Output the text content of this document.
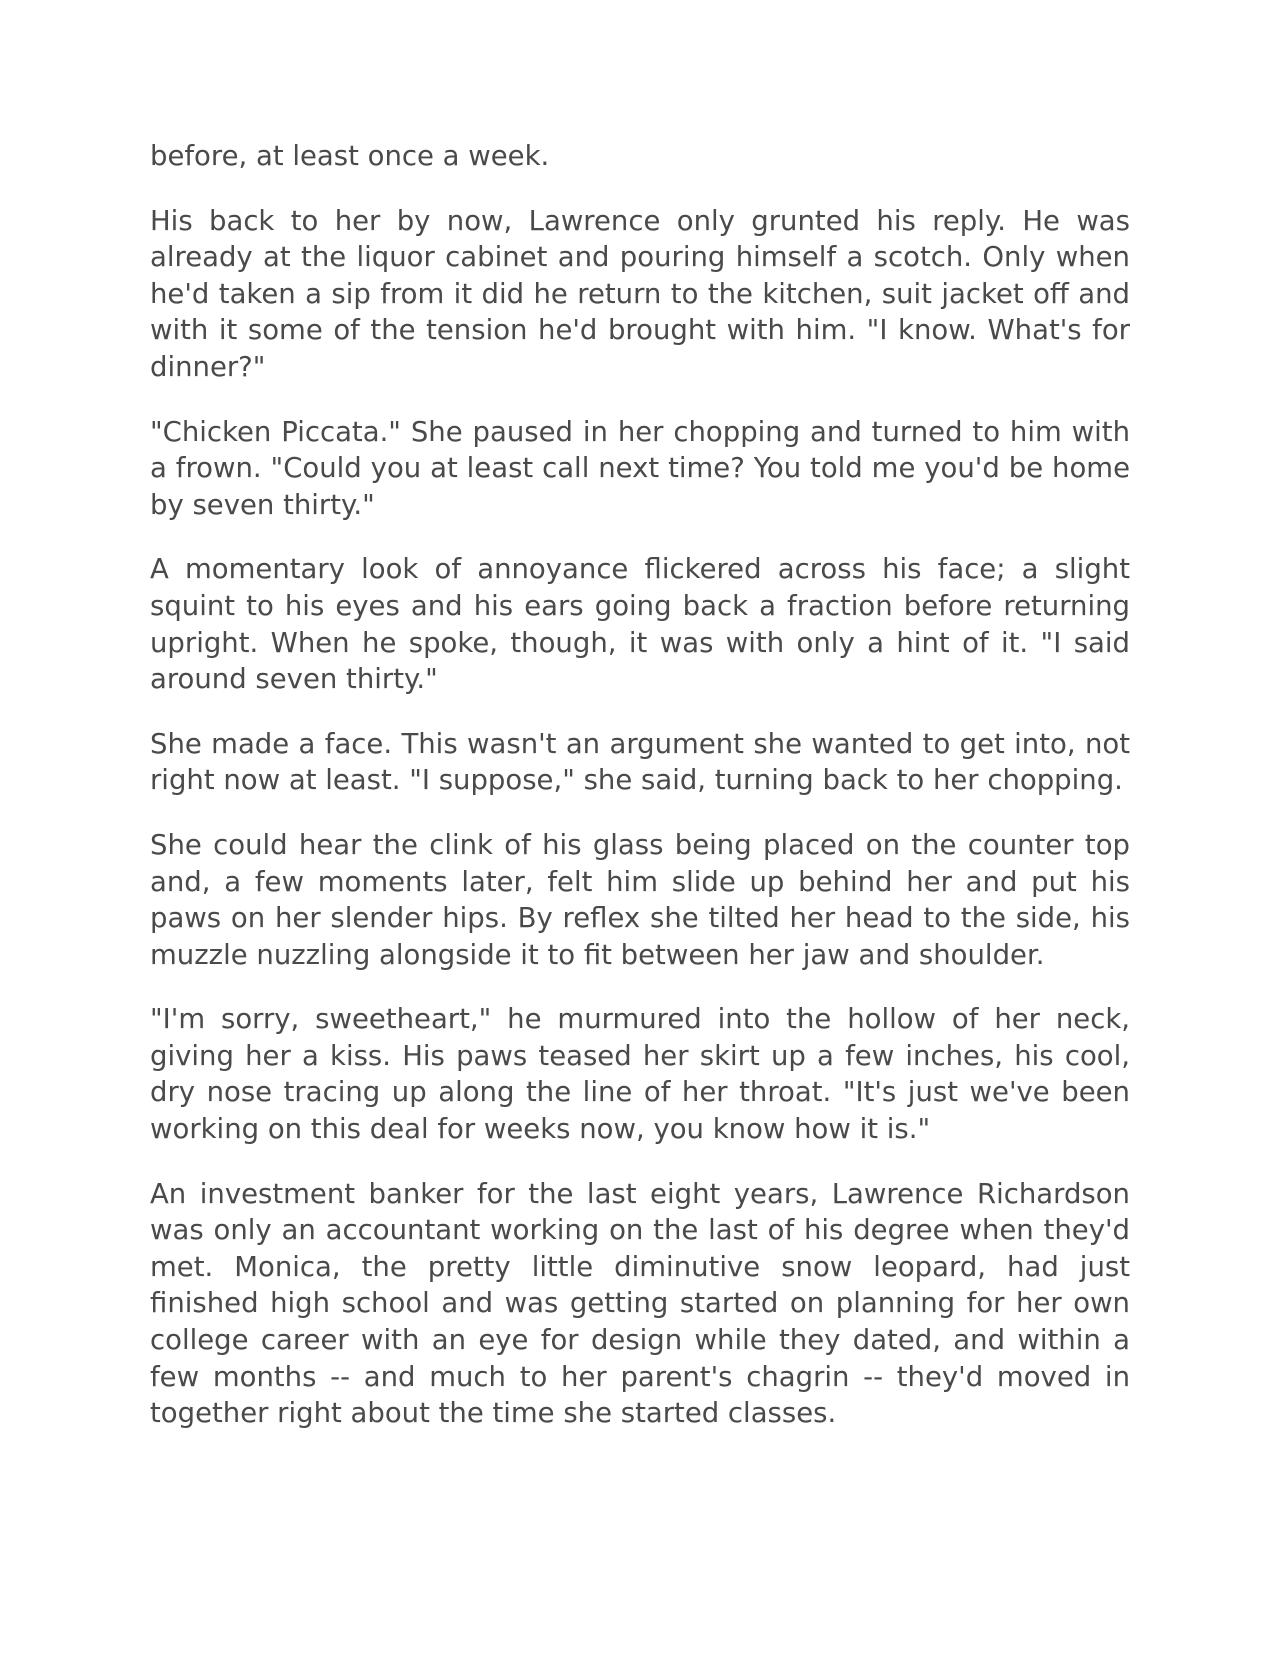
before, at least once a week.

His back to her by now, Lawrence only grunted his reply. He was already at the liquor cabinet and pouring himself a scotch. Only when he'd taken a sip from it did he return to the kitchen, suit jacket off and with it some of the tension he'd brought with him. "I know. What's for dinner?"

"Chicken Piccata." She paused in her chopping and turned to him with a frown. "Could you at least call next time? You told me you'd be home by seven thirty."

A momentary look of annoyance flickered across his face; a slight squint to his eyes and his ears going back a fraction before returning upright. When he spoke, though, it was with only a hint of it. "I said around seven thirty."

She made a face. This wasn't an argument she wanted to get into, not right now at least. "I suppose," she said, turning back to her chopping.

She could hear the clink of his glass being placed on the counter top and, a few moments later, felt him slide up behind her and put his paws on her slender hips. By reflex she tilted her head to the side, his muzzle nuzzling alongside it to fit between her jaw and shoulder.

"I'm sorry, sweetheart," he murmured into the hollow of her neck, giving her a kiss. His paws teased her skirt up a few inches, his cool, dry nose tracing up along the line of her throat. "It's just we've been working on this deal for weeks now, you know how it is."

An investment banker for the last eight years, Lawrence Richardson was only an accountant working on the last of his degree when they'd met. Monica, the pretty little diminutive snow leopard, had just finished high school and was getting started on planning for her own college career with an eye for design while they dated, and within a few months -- and much to her parent's chagrin -- they'd moved in together right about the time she started classes.
